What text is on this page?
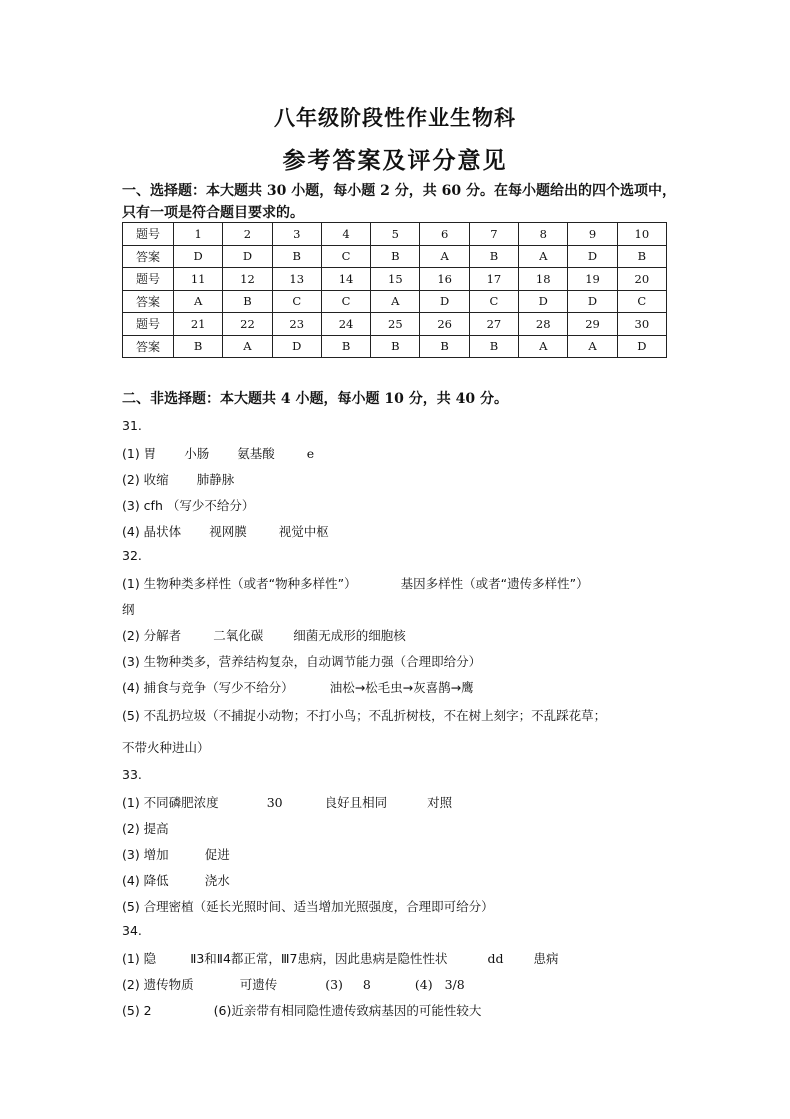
八年级阶段性作业生物科
参考答案及评分意见
一、选择题：本大题共 30 小题，每小题 2 分，共 60 分。在每小题给出的四个选项中，只有一项是符合题目要求的。
题号	1	2	3	4	5	6	7	8	9	10
答案	D	D	B	C	B	A	B	A	D	B
题号	11	12	13	14	15	16	17	18	19	20
答案	A	B	C	C	A	D	C	D	D	C
题号	21	22	23	24	25	26	27	28	29	30
答案	B	A	D	B	B	B	B	A	A	D
二、非选择题：本大题共 4 小题，每小题 10 分，共 40 分。
31.
(1) 胃 小肠 氨基酸	e
(2) 收缩 肺静脉
(3) cfh （写少不给分）
(4) 晶状体 视网膜	视觉中枢
32.
(1) 生物种类多样性（或者“物种多样性”）	基因多样性（或者“遗传多样性”）
纲
(2) 分解者	二氧化碳 细菌无成形的细胞核
(3) 生物种类多，营养结构复杂，自动调节能力强（合理即给分）
(4) 捕食与竞争（写少不给分）	油松→松毛虫→灰喜鹊→鹰
(5) 不乱扔垃圾（不捕捉小动物；不打小鸟；不乱折树枝，不在树上刻字；不乱踩花草；
不带火种进山）
33.
(1) 不同磷肥浓度	30	良好且相同	对照
(2) 提高
(3) 增加	促进
(4) 降低	浇水
(5) 合理密植（延长光照时间、适当增加光照强度，合理即可给分）
34.
(1) 隐	Ⅱ3和Ⅱ4都正常，Ⅲ7患病，因此患病是隐性性状	dd 患病
(2) 遗传物质	可遗传	(3) 8	(4) 3/8
(5) 2	(6)近亲带有相同隐性遗传致病基因的可能性较大
